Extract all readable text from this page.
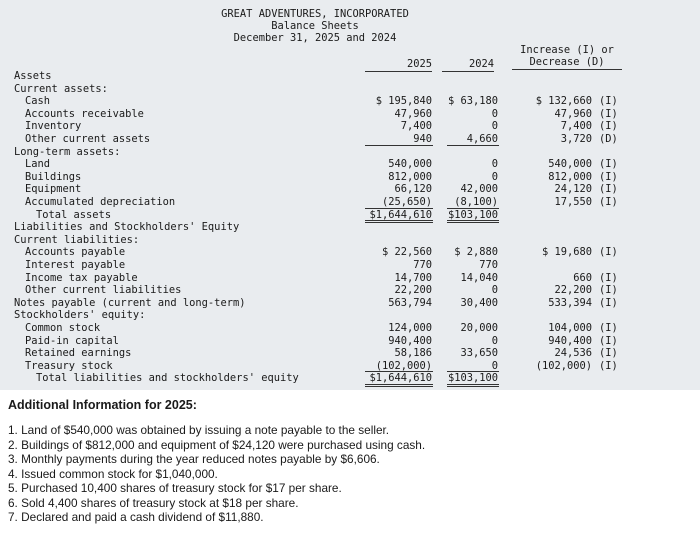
GREAT ADVENTURES, INCORPORATED
Balance Sheets
December 31, 2025 and 2024
2025	2024
Increase (I) or
Decrease (D)
Assets
Current assets:
Cash	$ 195,840	$ 63,180	$ 132,660 (I)
Accounts receivable	47,960	0	47,960 (I)
Inventory	7,400	0	7,400 (I)
Other current assets	940	4,660	3,720 (D)
Long-term assets:
Land	540,000	0	540,000 (I)
Buildings	812,000	0	812,000 (I)
Equipment	66,120	42,000	24,120 (I)
Accumulated depreciation	(25,650)	(8,100)	17,550 (I)
Total assets	$1,644,610	$103,100
Liabilities and Stockholders' Equity
Current liabilities:
Accounts payable	$ 22,560	$ 2,880	$ 19,680 (I)
Interest payable	770	770
Income tax payable	14,700	14,040	660 (I)
Other current liabilities	22,200	0	22,200 (I)
Notes payable (current and long-term)	563,794	30,400	533,394 (I)
Stockholders' equity:
Common stock	124,000	20,000	104,000 (I)
Paid-in capital	940,400	0	940,400 (I)
Retained earnings	58,186	33,650	24,536 (I)
Treasury stock	(102,000)	0	(102,000) (I)
Total liabilities and stockholders' equity	$1,644,610	$103,100
Additional Information for 2025:
1. Land of $540,000 was obtained by issuing a note payable to the seller.
2. Buildings of $812,000 and equipment of $24,120 were purchased using cash.
3. Monthly payments during the year reduced notes payable by $6,606.
4. Issued common stock for $1,040,000.
5. Purchased 10,400 shares of treasury stock for $17 per share.
6. Sold 4,400 shares of treasury stock at $18 per share.
7. Declared and paid a cash dividend of $11,880.
